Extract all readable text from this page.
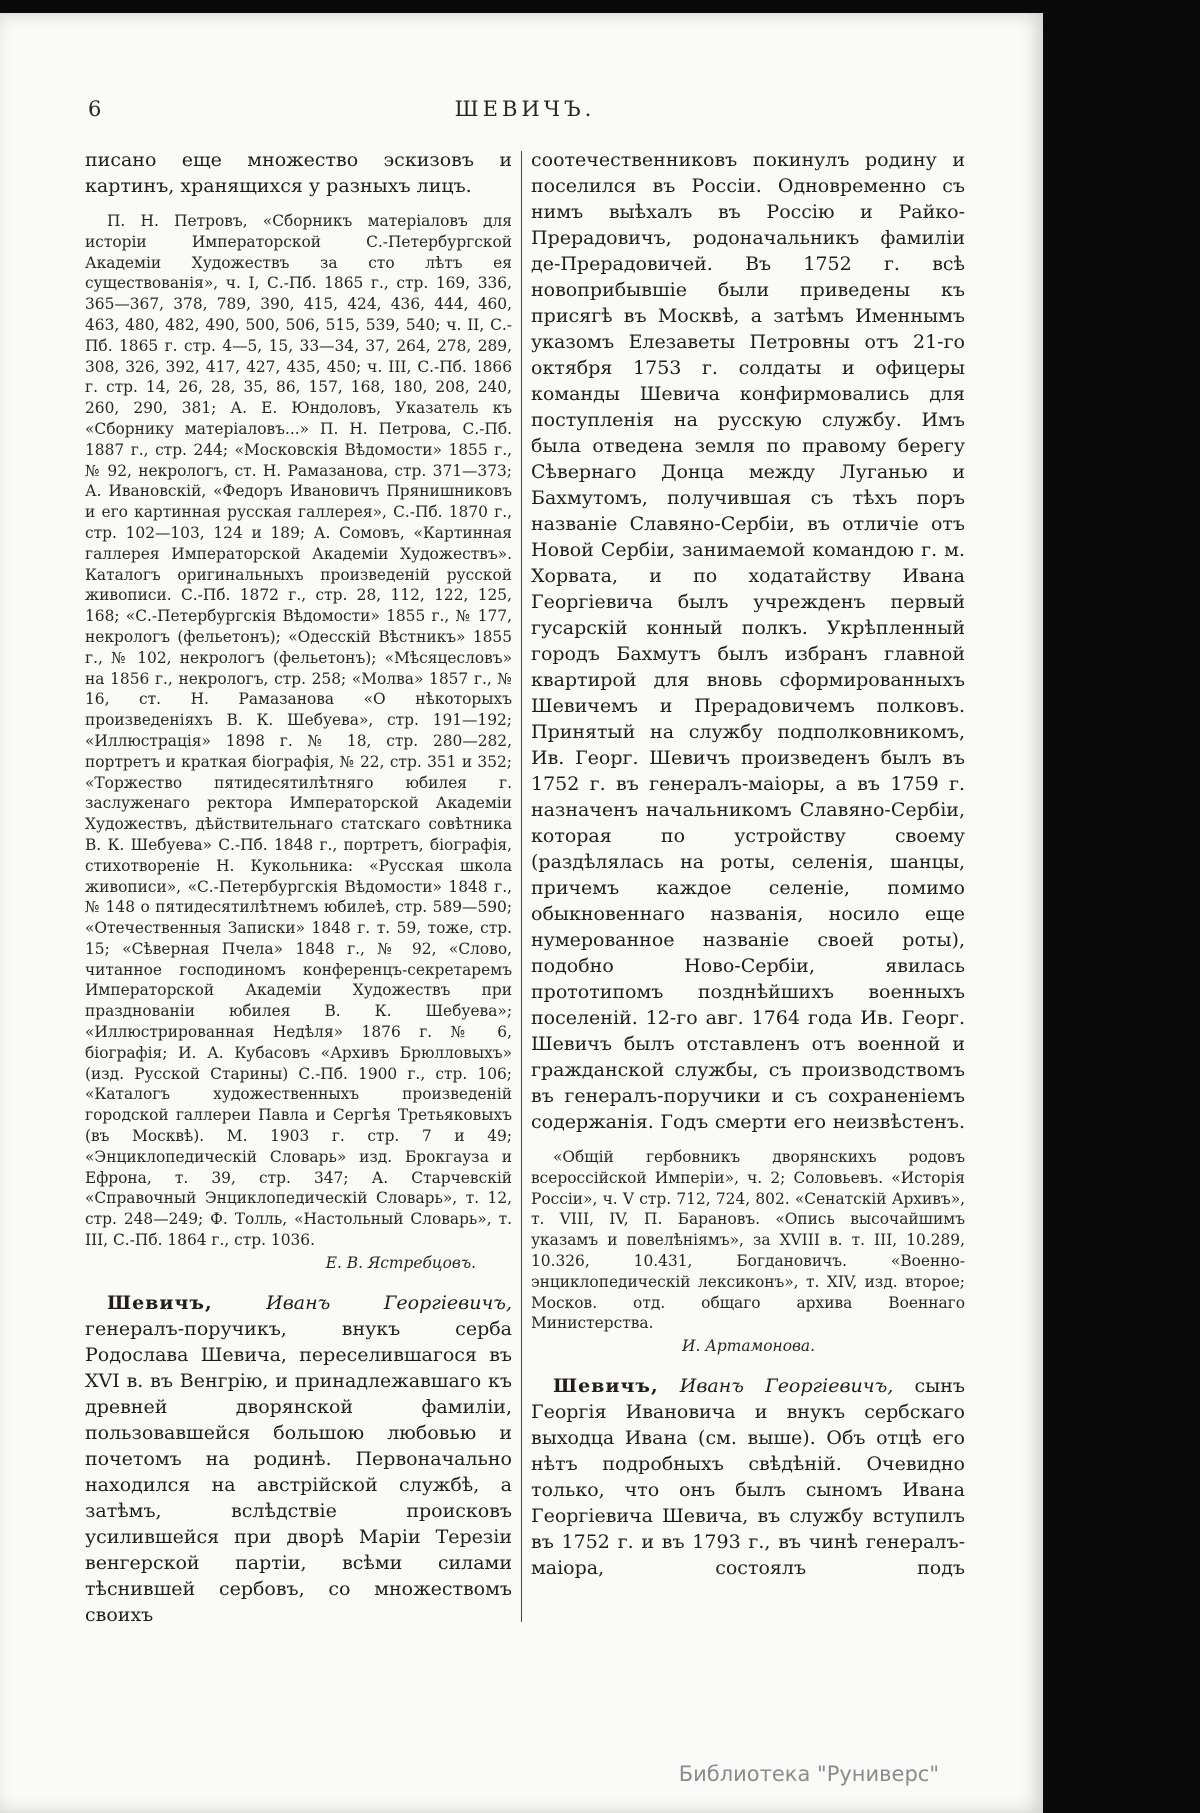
6	ШЕВИЧЪ.

писано еще множество эскизовъ и картинъ, хранящихся у разныхъ лицъ.

П. Н. Петровъ, «Сборникъ матеріаловъ для исторіи Императорской С.-Петербургской Академіи Художествъ за сто лѣтъ ея существованія», ч. I, С.-Пб. 1865 г., стр. 169, 336, 365—367, 378, 789, 390, 415, 424, 436, 444, 460, 463, 480, 482, 490, 500, 506, 515, 539, 540; ч. II, С.-Пб. 1865 г. стр. 4—5, 15, 33—34, 37, 264, 278, 289, 308, 326, 392, 417, 427, 435, 450; ч. III, С.-Пб. 1866 г. стр. 14, 26, 28, 35, 86, 157, 168, 180, 208, 240, 260, 290, 381; А. Е. Юндоловъ, Указатель къ «Сборнику матеріаловъ...» П. Н. Петрова, С.-Пб. 1887 г., стр. 244; «Московскія Вѣдомости» 1855 г., № 92, некрологъ, ст. Н. Рамазанова, стр. 371—373; А. Ивановскій, «Федоръ Ивановичъ Прянишниковъ и его картинная русская галлерея», С.-Пб. 1870 г., стр. 102—103, 124 и 189; А. Сомовъ, «Картинная галлерея Императорской Академіи Художествъ». Каталогъ оригинальныхъ произведеній русской живописи. С.-Пб. 1872 г., стр. 28, 112, 122, 125, 168; «С.-Петербургскія Вѣдомости» 1855 г., № 177, некрологъ (фельетонъ); «Одесскій Вѣстникъ» 1855 г., № 102, некрологъ (фельетонъ); «Мѣсяцесловъ» на 1856 г., некрологъ, стр. 258; «Молва» 1857 г., № 16, ст. Н. Рамазанова «О нѣкоторыхъ произведеніяхъ В. К. Шебуева», стр. 191—192; «Иллюстрація» 1898 г. № 18, стр. 280—282, портретъ и краткая біографія, № 22, стр. 351 и 352; «Торжество пятидесятилѣтняго юбилея г. заслуженаго ректора Императорской Академіи Художествъ, дѣйствительнаго статскаго совѣтника В. К. Шебуева» С.-Пб. 1848 г., портретъ, біографія, стихотвореніе Н. Кукольника: «Русская школа живописи», «С.-Петербургскія Вѣдомости» 1848 г., № 148 о пятидесятилѣтнемъ юбилеѣ, стр. 589—590; «Отечественныя Записки» 1848 г. т. 59, тоже, стр. 15; «Сѣверная Пчела» 1848 г., № 92, «Слово, читанное господиномъ конференцъ-секретаремъ Императорской Академіи Художествъ при празднованіи юбилея В. К. Шебуева»; «Иллюстрированная Недѣля» 1876 г. № 6, біографія; И. А. Кубасовъ «Архивъ Брюлловыхъ» (изд. Русской Старины) С.-Пб. 1900 г., стр. 106; «Каталогъ художественныхъ произведеній городской галлереи Павла и Сергѣя Третьяковыхъ (въ Москвѣ). М. 1903 г. стр. 7 и 49; «Энциклопедическій Словарь» изд. Брокгауза и Ефрона, т. 39, стр. 347; А. Старчевскій «Справочный Энциклопедическій Словарь», т. 12, стр. 248—249; Ф. Толль, «Настольный Словарь», т. III, С.-Пб. 1864 г., стр. 1036.

Е. В. Ястребцовъ.

Шевичъ,	Иванъ Георгіевичъ, генералъ-поручикъ, внукъ серба Родослава Шевича, переселившагося въ XVI в. въ Венгрію, и принадлежавшаго къ древней дворянской фамиліи, пользовавшейся большою любовью и почетомъ на родинѣ. Первоначально находился на австрійской службѣ, а затѣмъ, вслѣдствіе происковъ усилившейся при дворѣ Маріи Терезіи венгерской партіи, всѣми силами тѣснившей сербовъ, со множествомъ своихъ

соотечественниковъ покинулъ родину и поселился въ Россіи. Одновременно съ нимъ выѣхалъ въ Россію и Райко-Прерадовичъ, родоначальникъ фамиліи де-Прерадовичей. Въ 1752 г. всѣ новоприбывшіе были приведены къ присягѣ въ Москвѣ, а затѣмъ Именнымъ указомъ Елезаветы Петровны отъ 21-го октября 1753 г. солдаты и офицеры команды Шевича конфирмовались для поступленія на русскую службу. Имъ была отведена земля по правому берегу Сѣвернаго Донца между Луганью и Бахмутомъ, получившая съ тѣхъ поръ названіе Славяно-Сербіи, въ отличіе отъ Новой Сербіи, занимаемой командою г. м. Хорвата, и по ходатайству Ивана Георгіевича былъ учрежденъ первый гусарскій конный полкъ. Укрѣпленный городъ Бахмутъ былъ избранъ главной квартирой для вновь сформированныхъ Шевичемъ и Прерадовичемъ полковъ. Принятый на службу подполковникомъ, Ив. Георг. Шевичъ произведенъ былъ въ 1752 г. въ генералъ-маіоры, а въ 1759 г. назначенъ начальникомъ Славяно-Сербіи, которая по устройству своему (раздѣлялась на роты, селенія, шанцы, причемъ каждое селеніе, помимо обыкновеннаго названія, носило еще нумерованное названіе своей роты), подобно Ново-Сербіи, явилась прототипомъ позднѣйшихъ военныхъ поселеній. 12-го авг. 1764 года Ив. Георг. Шевичъ былъ отставленъ отъ военной и гражданской службы, съ производствомъ въ генералъ-поручики и съ сохраненіемъ содержанія. Годъ смерти его неизвѣстенъ.

«Общій гербовникъ дворянскихъ родовъ всероссійской Имперіи», ч. 2; Соловьевъ. «Исторія Россіи», ч. V стр. 712, 724, 802. «Сенатскій Архивъ», т. VIII, IV, П. Барановъ. «Опись высочайшимъ указамъ и повелѣніямъ», за XVIII в. т. III, 10.289, 10.326, 10.431, Богдановичъ. «Военно-энциклопедическій лексиконъ», т. XIV, изд. второе; Москов. отд. общаго архива Военнаго Министерства.

И. Артамонова.

Шевичъ, Иванъ Георгіевичъ, сынъ Георгія Ивановича и внукъ сербскаго выходца Ивана (см. выше). Объ отцѣ его нѣтъ подробныхъ свѣдѣній. Очевидно только, что онъ былъ сыномъ Ивана Георгіевича Шевича, въ службу вступилъ въ 1752 г. и въ 1793 г., въ чинѣ генералъ-маіора, состоялъ подъ

Библиотека "Руниверс"
